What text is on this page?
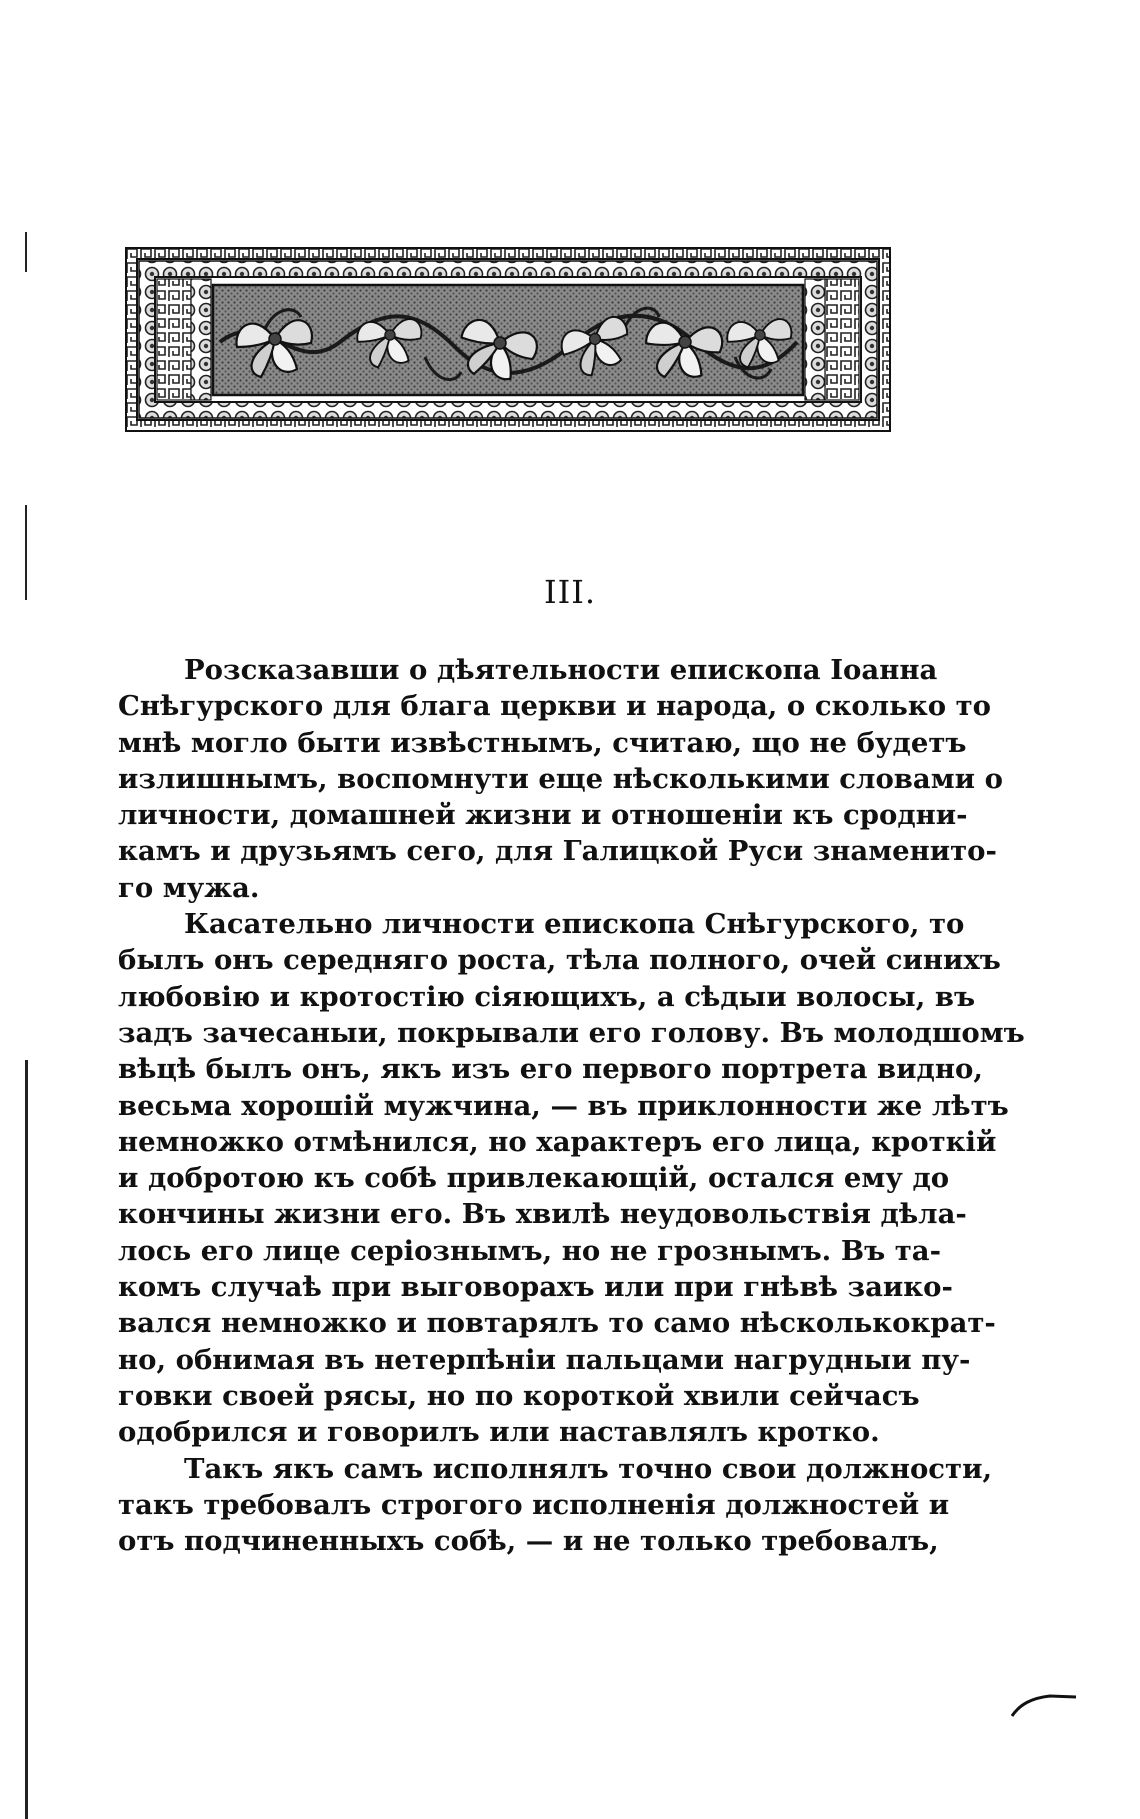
III.
Розсказавши о дѣятельности епископа Іоанна
Снѣгурского для блага церкви и народа, о сколько то
мнѣ могло быти извѣстнымъ, считаю, що не будетъ
излишнымъ, воспомнути еще нѣсколькими словами о
личности, домашней жизни и отношеніи къ сродни-
камъ и друзьямъ сего, для Галицкой Руси знаменито-
го мужа.
Касательно личности епископа Снѣгурского, то
былъ онъ середняго роста, тѣла полного, очей синихъ
любовію и кротостію сіяющихъ, а сѣдыи волосы, въ
задъ зачесаныи, покрывали его голову. Въ молодшомъ
вѣцѣ былъ онъ, якъ изъ его первого портрета видно,
весьма хорошій мужчина, — въ приклонности же лѣтъ
немножко отмѣнился, но характеръ его лица, кроткій
и добротою къ собѣ привлекающій, остался ему до
кончины жизни его. Въ хвилѣ неудовольствія дѣла-
лось его лице серіознымъ, но не грознымъ. Въ та-
комъ случаѣ при выговорахъ или при гнѣвѣ заико-
вался немножко и повтарялъ то само нѣсколькократ-
но, обнимая въ нетерпѣніи пальцами нагрудныи пу-
говки своей рясы, но по короткой хвили сейчасъ
одобрился и говорилъ или наставлялъ кротко.
Такъ якъ самъ исполнялъ точно свои должности,
такъ требовалъ строгого исполненія должностей и
отъ подчиненныхъ собѣ, — и не только требовалъ,
